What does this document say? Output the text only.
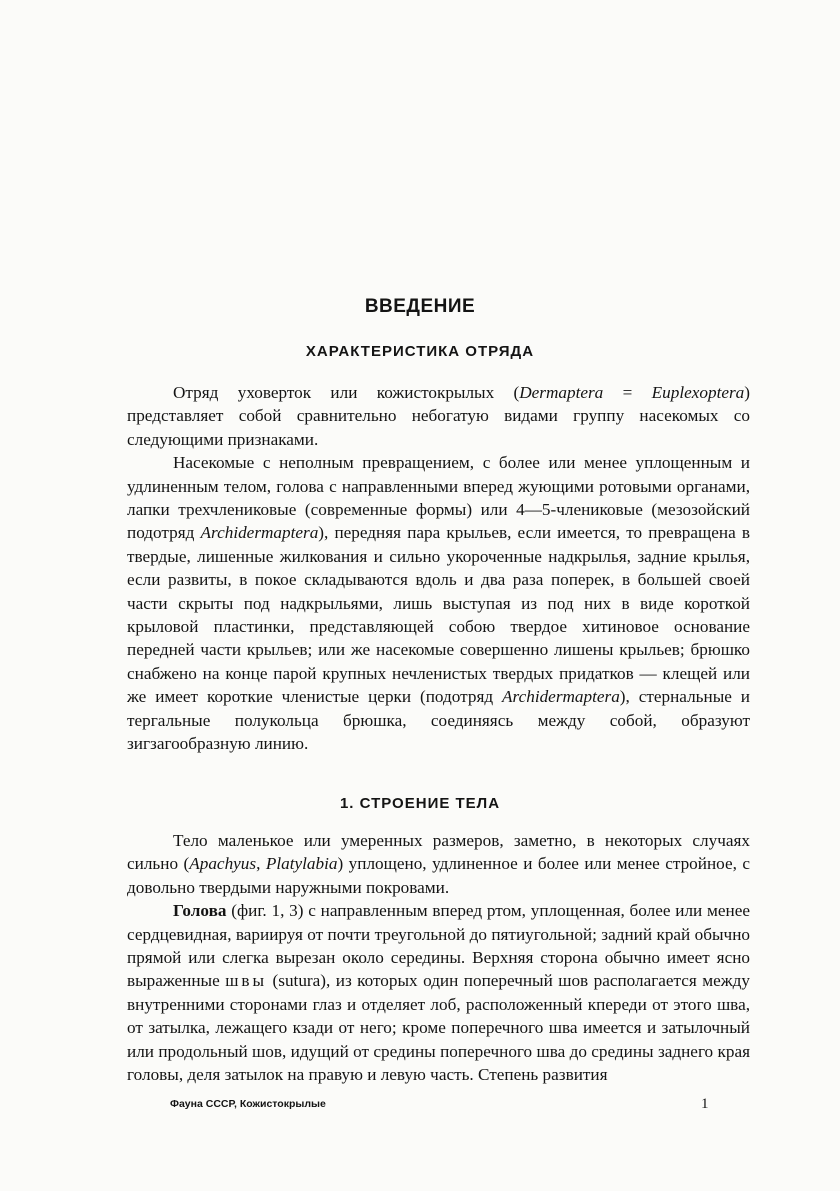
ВВЕДЕНИЕ
ХАРАКТЕРИСТИКА ОТРЯДА

Отряд уховерток или кожистокрылых (Dermaptera = Euplexoptera) представляет собой сравнительно небогатую видами группу насекомых со следующими признаками.

Насекомые с неполным превращением, с более или менее уплощенным и удлиненным телом, голова с направленными вперед жующими ротовыми органами, лапки трехчлениковые (современные формы) или 4—5-члениковые (мезозойский подотряд Archidermaptera), передняя пара крыльев, если имеется, то превращена в твердые, лишенные жилкования и сильно укороченные надкрылья, задние крылья, если развиты, в покое складываются вдоль и два раза поперек, в большей своей части скрыты под надкрыльями, лишь выступая из под них в виде короткой крыловой пластинки, представляющей собою твердое хитиновое основание передней части крыльев; или же насекомые совершенно лишены крыльев; брюшко снабжено на конце парой крупных нечленистых твердых придатков — клещей или же имеет короткие членистые церки (подотряд Archidermaptera), стернальные и тергальные полукольца брюшка, соединяясь между собой, образуют зигзагообразную линию.

1. СТРОЕНИЕ ТЕЛА

Тело маленькое или умеренных размеров, заметно, в некоторых случаях сильно (Apachyus, Platylabia) уплощено, удлиненное и более или менее стройное, с довольно твердыми наружными покровами.

Голова (фиг. 1, 3) с направленным вперед ртом, уплощенная, более или менее сердцевидная, вариируя от почти треугольной до пятиугольной; задний край обычно прямой или слегка вырезан около середины. Верхняя сторона обычно имеет ясно выраженные швы (sutura), из которых один поперечный шов располагается между внутренними сторонами глаз и отделяет лоб, расположенный кпереди от этого шва, от затылка, лежащего кзади от него; кроме поперечного шва имеется и затылочный или продольный шов, идущий от средины поперечного шва до средины заднего края головы, деля затылок на правую и левую часть. Степень развития

Фауна СССР, Кожистокрылые	1
